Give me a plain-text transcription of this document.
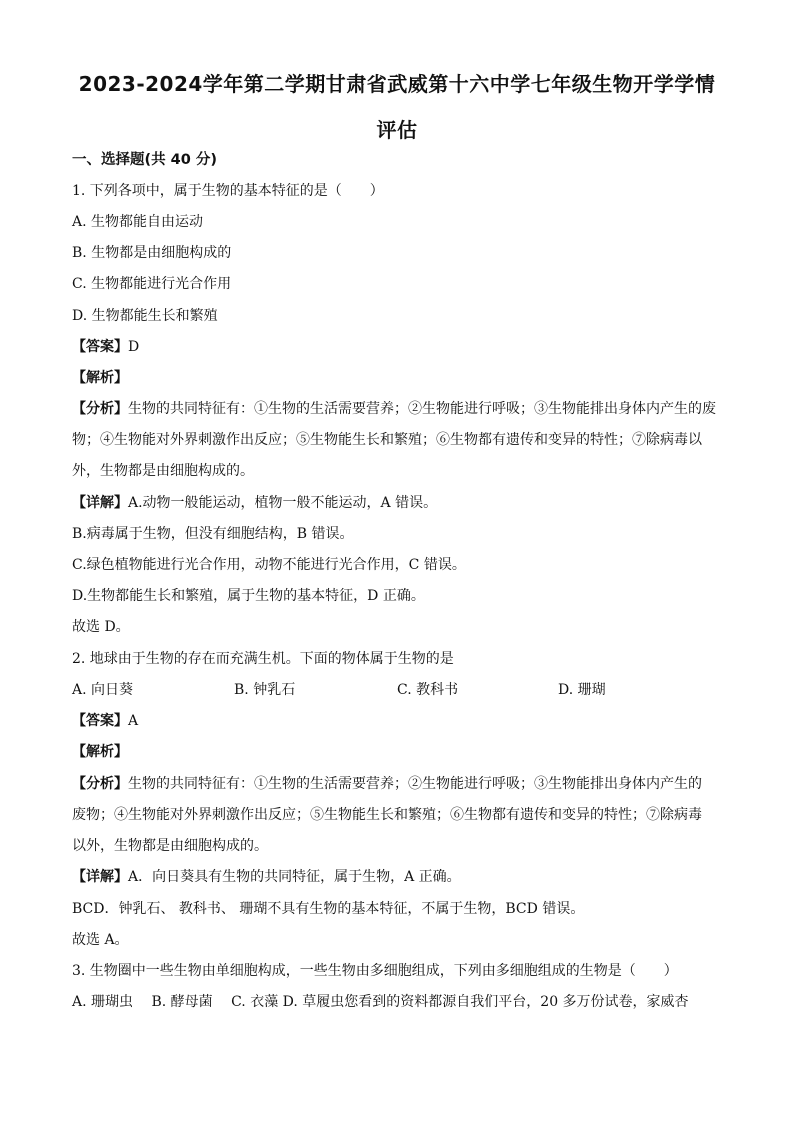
2023-2024学年第二学期甘肃省武威第十六中学七年级生物开学学情
评估
一、选择题(共 40 分)
1. 下列各项中，属于生物的基本特征的是（　　）
A. 生物都能自由运动
B. 生物都是由细胞构成的
C. 生物都能进行光合作用
D. 生物都能生长和繁殖
【答案】D
【解析】
【分析】生物的共同特征有：①生物的生活需要营养；②生物能进行呼吸；③生物能排出身体内产生的废
物；④生物能对外界刺激作出反应；⑤生物能生长和繁殖；⑥生物都有遗传和变异的特性；⑦除病毒以
外，生物都是由细胞构成的。
【详解】A.动物一般能运动，植物一般不能运动，A 错误。
B.病毒属于生物，但没有细胞结构，B 错误。
C.绿色植物能进行光合作用，动物不能进行光合作用，C 错误。
D.生物都能生长和繁殖，属于生物的基本特征，D 正确。
故选 D。
2. 地球由于生物的存在而充满生机。下面的物体属于生物的是
A. 向日葵	B. 钟乳石	C. 教科书	D. 珊瑚
【答案】A
【解析】
【分析】生物的共同特征有：①生物的生活需要营养；②生物能进行呼吸；③生物能排出身体内产生的
废物；④生物能对外界刺激作出反应；⑤生物能生长和繁殖；⑥生物都有遗传和变异的特性；⑦除病毒
以外，生物都是由细胞构成的。
【详解】A．向日葵具有生物的共同特征，属于生物，A 正确。
BCD．钟乳石、 教科书、 珊瑚不具有生物的基本特征，不属于生物，BCD 错误。
故选 A。
3. 生物圈中一些生物由单细胞构成，一些生物由多细胞组成，下列由多细胞组成的生物是（　　）
A. 珊瑚虫　 B. 酵母菌　 C. 衣藻 D. 草履虫您看到的资料都源自我们平台，20 多万份试卷，家威杏
